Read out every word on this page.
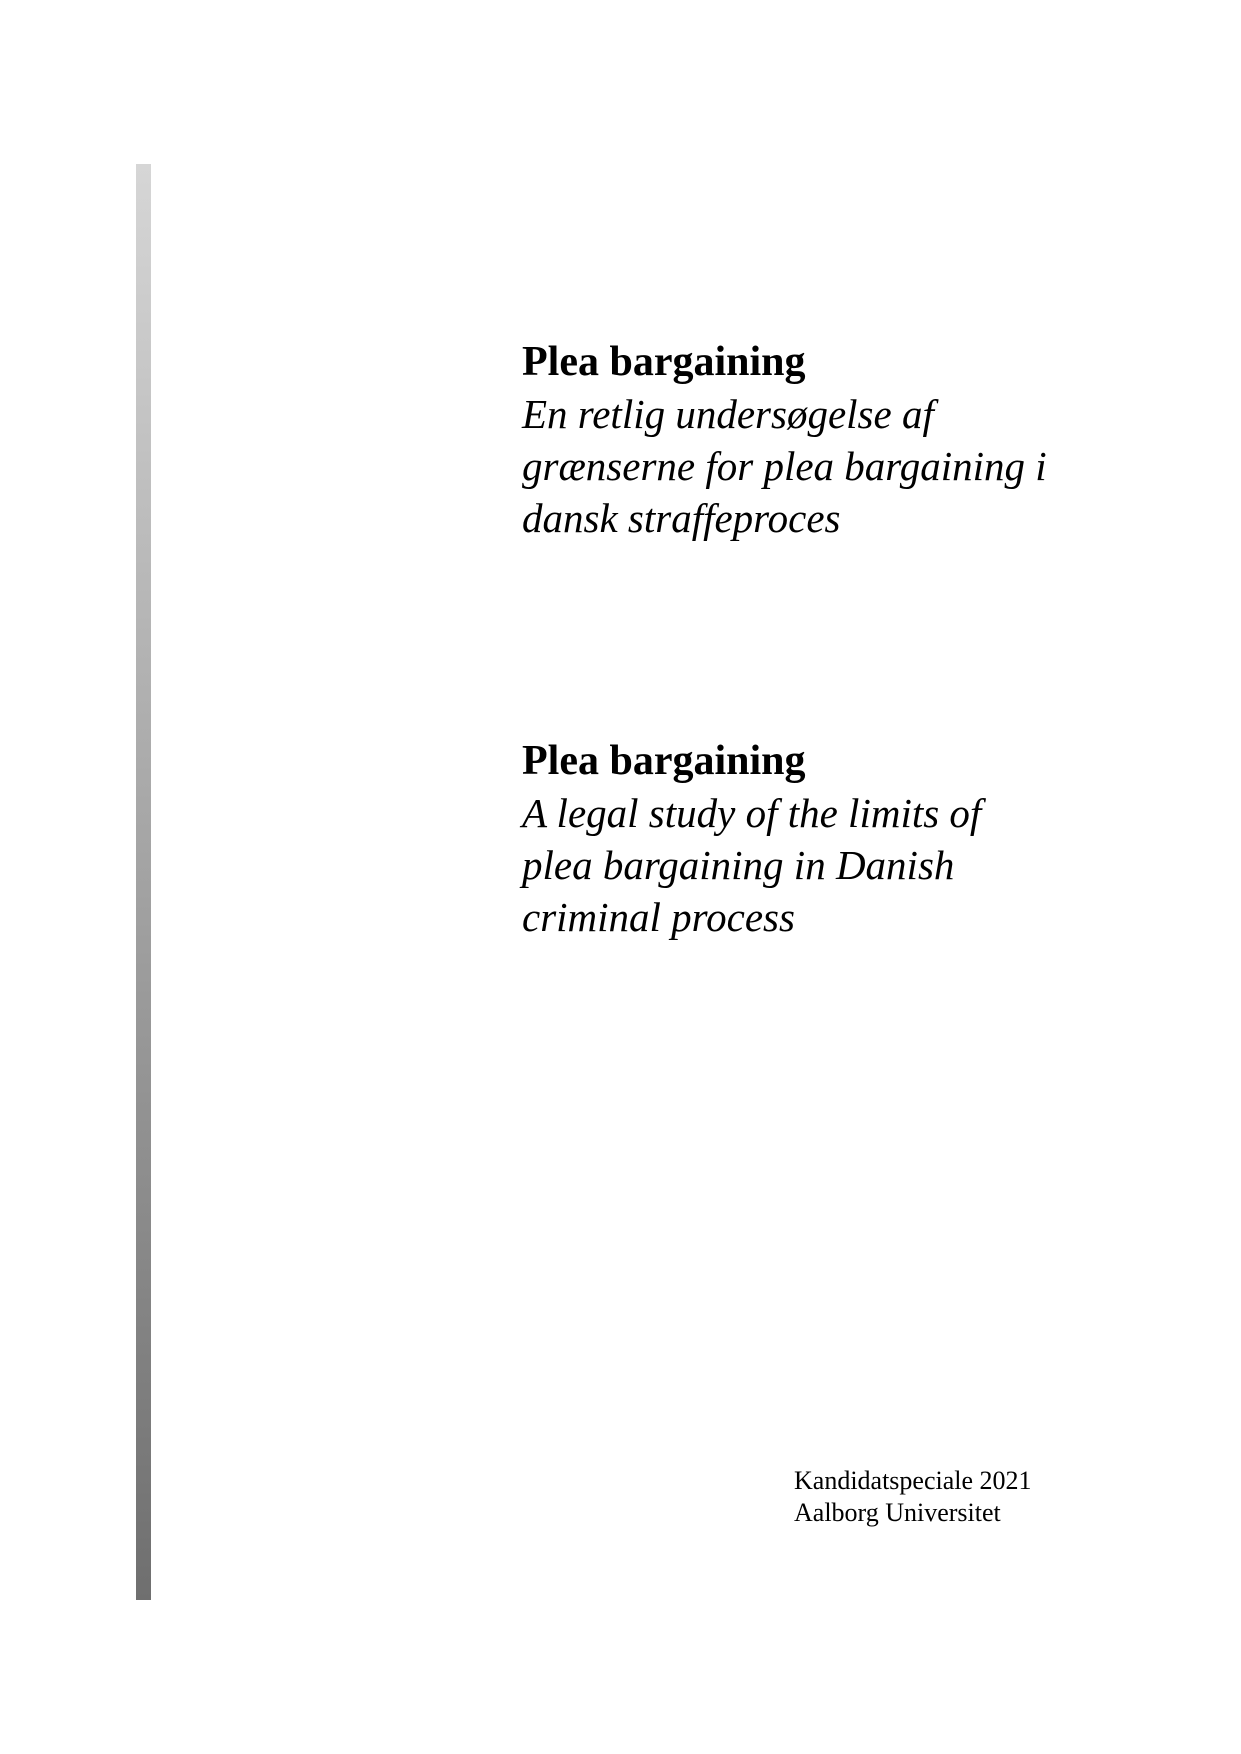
Plea bargaining

En retlig undersøgelse af

grænserne for plea bargaining i

dansk straffeproces

Plea bargaining

A legal study of the limits of

plea bargaining in Danish

criminal process

Kandidatspeciale 2021

Aalborg Universitet
